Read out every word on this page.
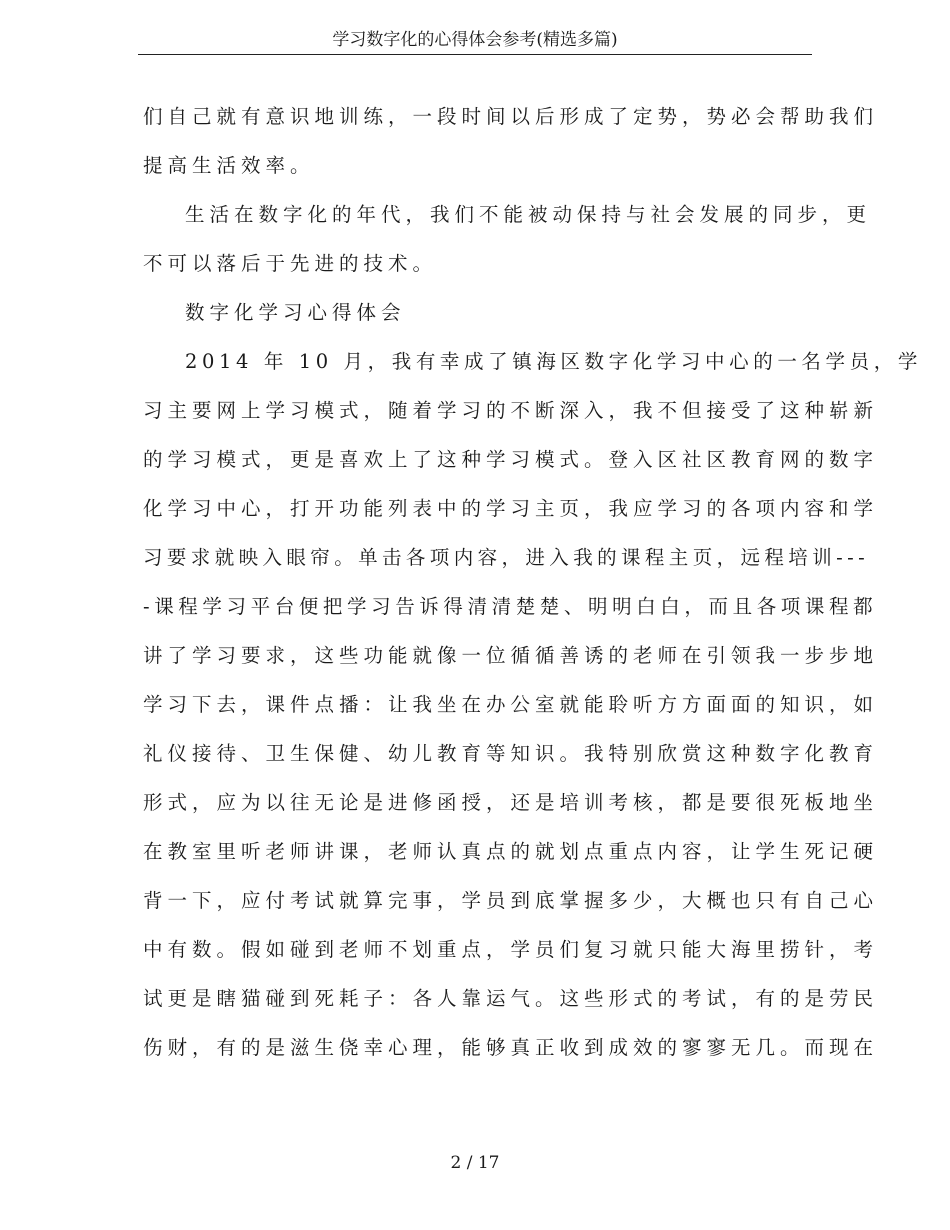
学习数字化的心得体会参考(精选多篇)
们自己就有意识地训练，一段时间以后形成了定势，势必会帮助我们
提高生活效率。
生活在数字化的年代，我们不能被动保持与社会发展的同步，更
不可以落后于先进的技术。
数字化学习心得体会
2014 年 10 月，我有幸成了镇海区数字化学习中心的一名学员，学
习主要网上学习模式，随着学习的不断深入，我不但接受了这种崭新
的学习模式，更是喜欢上了这种学习模式。登入区社区教育网的数字
化学习中心，打开功能列表中的学习主页，我应学习的各项内容和学
习要求就映入眼帘。单击各项内容，进入我的课程主页，远程培训---
-课程学习平台便把学习告诉得清清楚楚、明明白白，而且各项课程都
讲了学习要求，这些功能就像一位循循善诱的老师在引领我一步步地
学习下去，课件点播：让我坐在办公室就能聆听方方面面的知识，如
礼仪接待、卫生保健、幼儿教育等知识。我特别欣赏这种数字化教育
形式，应为以往无论是进修函授，还是培训考核，都是要很死板地坐
在教室里听老师讲课，老师认真点的就划点重点内容，让学生死记硬
背一下，应付考试就算完事，学员到底掌握多少，大概也只有自己心
中有数。假如碰到老师不划重点，学员们复习就只能大海里捞针，考
试更是瞎猫碰到死耗子：各人靠运气。这些形式的考试，有的是劳民
伤财，有的是滋生侥幸心理，能够真正收到成效的寥寥无几。而现在
2 / 17
